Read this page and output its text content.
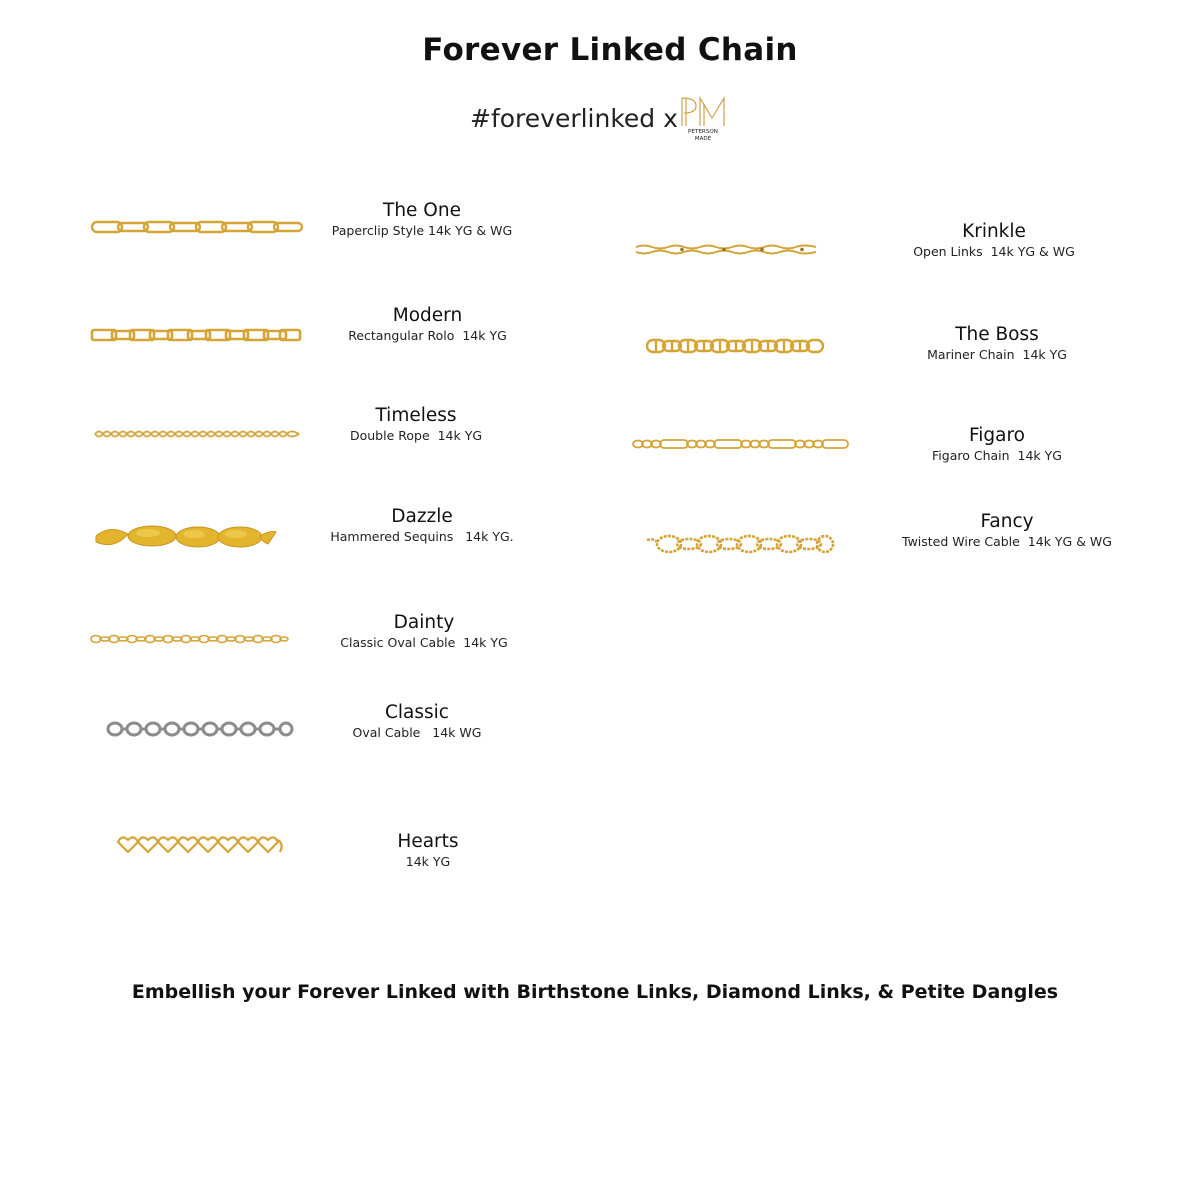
Forever Linked Chain
#foreverlinked x PETERSON
MADE
The One
Paperclip Style 14k YG & WG
Modern
Rectangular Rolo  14k YG
Timeless
Double Rope  14k YG
Dazzle
Hammered Sequins   14k YG.
Dainty
Classic Oval Cable  14k YG
Classic
Oval Cable   14k WG
Hearts
14k YG
Krinkle
Open Links  14k YG & WG
The Boss
Mariner Chain  14k YG
Figaro
Figaro Chain  14k YG
Fancy
Twisted Wire Cable  14k YG & WG
Embellish your Forever Linked with Birthstone Links, Diamond Links, & Petite Dangles
